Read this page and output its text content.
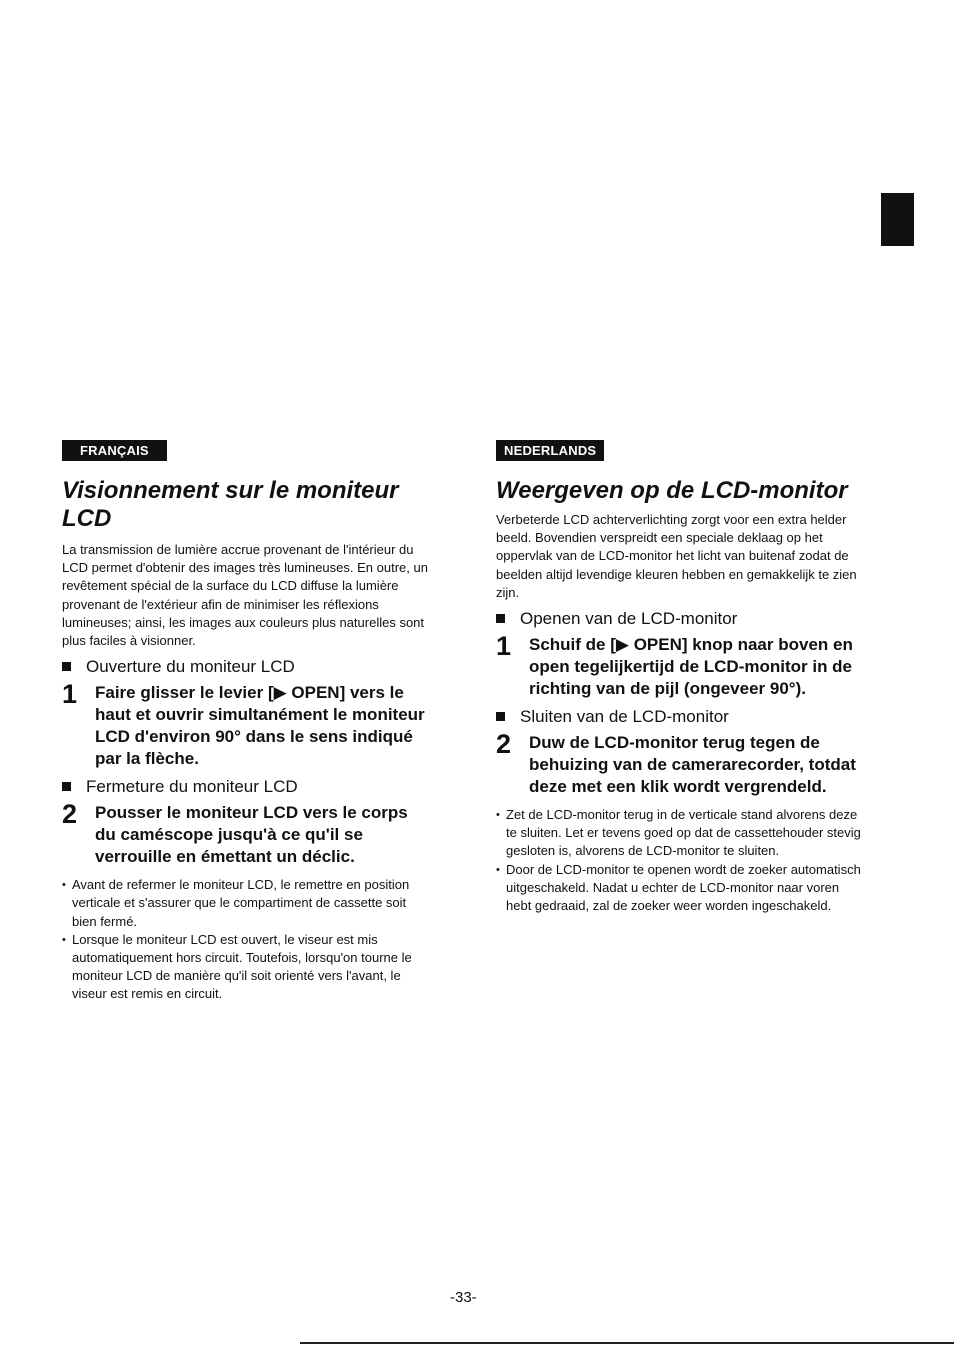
FRANÇAIS
Visionnement sur le moniteur LCD

La transmission de lumière accrue provenant de l'intérieur du LCD permet d'obtenir des images très lumineuses. En outre, un revêtement spécial de la surface du LCD diffuse la lumière provenant de l'extérieur afin de minimiser les réflexions lumineuses; ainsi, les images aux couleurs plus naturelles sont plus faciles à visionner.

Ouverture du moniteur LCD
1 Faire glisser le levier [▶ OPEN] vers le haut et ouvrir simultanément le moniteur LCD d'environ 90° dans le sens indiqué par la flèche.
Fermeture du moniteur LCD
2 Pousser le moniteur LCD vers le corps du caméscope jusqu'à ce qu'il se verrouille en émettant un déclic.
• Avant de refermer le moniteur LCD, le remettre en position verticale et s'assurer que le compartiment de cassette soit bien fermé.
• Lorsque le moniteur LCD est ouvert, le viseur est mis automatiquement hors circuit. Toutefois, lorsqu'on tourne le moniteur LCD de manière qu'il soit orienté vers l'avant, le viseur est remis en circuit.
NEDERLANDS
Weergeven op de LCD-monitor

Verbeterde LCD achterverlichting zorgt voor een extra helder beeld. Bovendien verspreidt een speciale deklaag op het oppervlak van de LCD-monitor het licht van buitenaf zodat de beelden altijd levendige kleuren hebben en gemakkelijk te zien zijn.

Openen van de LCD-monitor
1 Schuif de [▶ OPEN] knop naar boven en open tegelijkertijd de LCD-monitor in de richting van de pijl (ongeveer 90°).
Sluiten van de LCD-monitor
2 Duw de LCD-monitor terug tegen de behuizing van de camerarecorder, totdat deze met een klik wordt vergrendeld.
• Zet de LCD-monitor terug in de verticale stand alvorens deze te sluiten. Let er tevens goed op dat de cassettehouder stevig gesloten is, alvorens de LCD-monitor te sluiten.
• Door de LCD-monitor te openen wordt de zoeker automatisch uitgeschakeld. Nadat u echter de LCD-monitor naar voren hebt gedraaid, zal de zoeker weer worden ingeschakeld.
-33-
